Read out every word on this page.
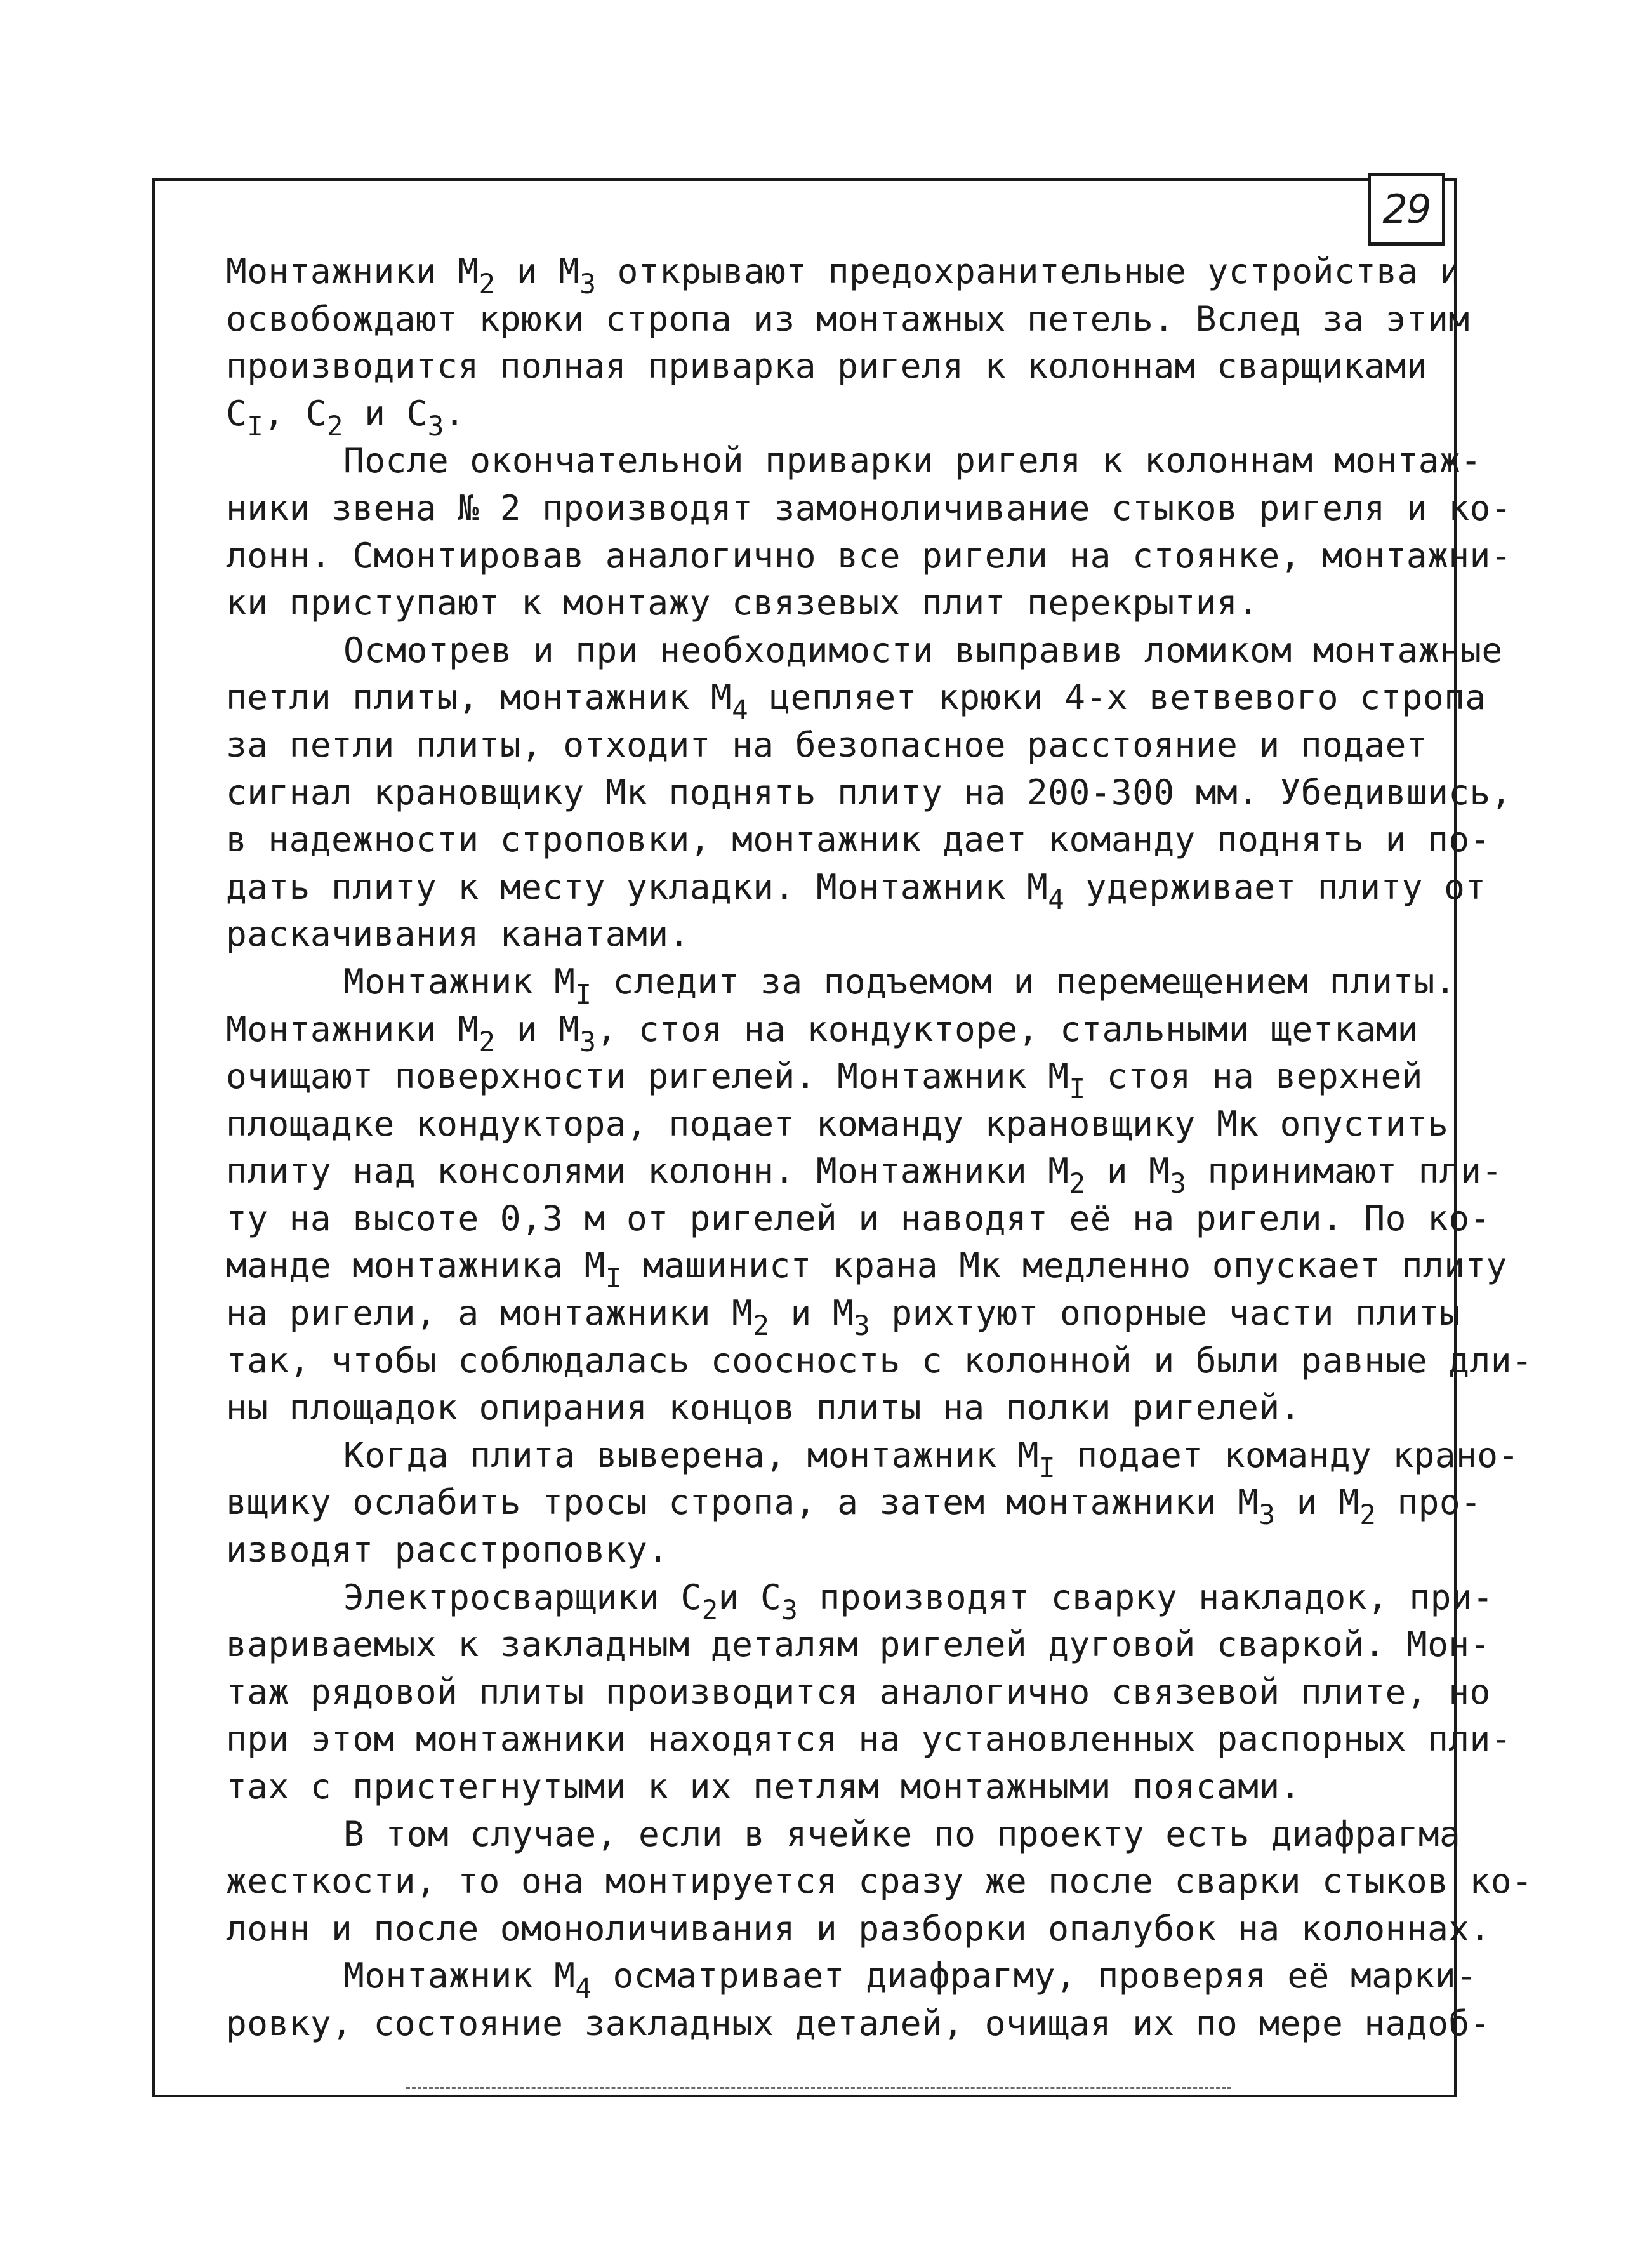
29
Монтажники $М_2$ и $М_3$ открывают предохранительные устройства и
освобождают крюки стропа из монтажных петель. Вслед за этим
производится полная приварка ригеля к колоннам сварщиками
$С_I$, $С_2$ и $С_3$.
После окончательной приварки ригеля к колоннам монтаж-
ники звена № 2 производят замоноличивание стыков ригеля и ко-
лонн. Смонтировав аналогично все ригели на стоянке, монтажни-
ки приступают к монтажу связевых плит перекрытия.
Осмотрев и при необходимости выправив ломиком монтажные
петли плиты, монтажник $М_4$ цепляет крюки 4-х ветвевого стропа
за петли плиты, отходит на безопасное расстояние и подает
сигнал крановщику Мк поднять плиту на 200-300 мм. Убедившись,
в надежности строповки, монтажник дает команду поднять и по-
дать плиту к месту укладки. Монтажник $М_4$ удерживает плиту от
раскачивания канатами.
Монтажник $М_I$ следит за подъемом и перемещением плиты.
Монтажники $М_2$ и $М_3$, стоя на кондукторе, стальными щетками
очищают поверхности ригелей. Монтажник $М_I$ стоя на верхней
площадке кондуктора, подает команду крановщику Мк опустить
плиту над консолями колонн. Монтажники $М_2$ и $М_3$ принимают пли-
ту на высоте 0,3 м от ригелей и наводят её на ригели. По ко-
манде монтажника $М_I$ машинист крана Мк медленно опускает плиту
на ригели, а монтажники $М_2$ и $М_3$ рихтуют опорные части плиты
так, чтобы соблюдалась соосность с колонной и были равные дли-
ны площадок опирания концов плиты на полки ригелей.
Когда плита выверена, монтажник $М_I$ подает команду крано-
вщику ослабить тросы стропа, а затем монтажники $М_3$ и $М_2$ про-
изводят расстроповку.
Электросварщики $С_2и$ $С_3$ производят сварку накладок, при-
вариваемых к закладным деталям ригелей дуговой сваркой. Мон-
таж рядовой плиты производится аналогично связевой плите, но
при этом монтажники находятся на установленных распорных пли-
тах с пристегнутыми к их петлям монтажными поясами.
В том случае, если в ячейке по проекту есть диафрагма
жесткости, то она монтируется сразу же после сварки стыков ко-
лонн и после омоноличивания и разборки опалубок на колоннах.
Монтажник $М_4$ осматривает диафрагму, проверяя её марки-
ровку, состояние закладных деталей, очищая их по мере надоб-
